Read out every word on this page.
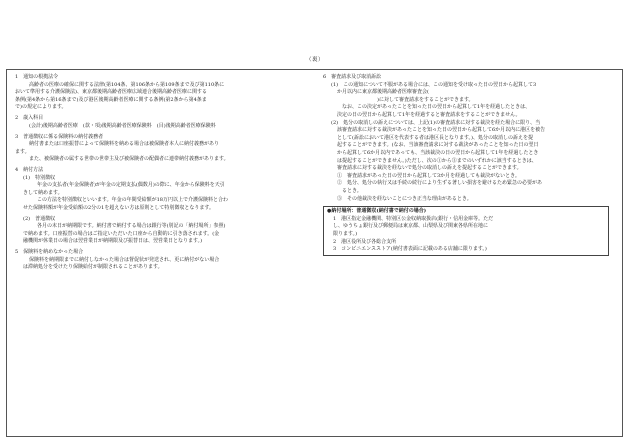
（裏）
1　通知の根拠法令
高齢者の医療の確保に関する法律(第104条、第106条から第109条まで及び第110条に
おいて準用する介護保険法)、東京都後期高齢者医療広域連合後期高齢者医療に関する
条例(第4条から第16条まで)及び港区後期高齢者医療に関する条例(第2条から第4条ま
で)の規定によります。
2　歳入科目
(会計)後期高齢者医療　(款・項)後期高齢者医療保険料　(目)後期高齢者医療保険料
3　普通徴収に係る保険料の納付義務者
納付書または口座振替によって保険料を納める場合は被保険者本人に納付義務があり
ます。
また、被保険者の属する世帯の世帯主及び被保険者の配偶者に連帯納付義務があります。
4　納付方法
(1)　特別徴収
年金の支払者(年金保険者)が年金の定期支払(偶数月)の際に、年金から保険料を天引
きして納めます。
この方法を特別徴収といいます。年金の年間受給額が18万円以上で介護保険料と合わ
せた保険料額が年金受給額の2分の1を超えない方は原則として特別徴収となります。
(2)　普通徴収
各月の末日が納期限です。納付書で納付する場合は銀行等(別記の「納付場所」参照)
で納めます。口座振替の場合はご指定いただいた口座から自動的に引き落されます。(金
融機関が休業日の場合は翌営業日が納期限及び振替日は、翌営業日となります。)
5　保険料を納めなかった場合
保険料を納期限までに納付しなかった場合は督促状が発送され、更に納付がない場合
は滞納処分を受けたり保険給付が制限されることがあります。
6　審査請求及び取消訴訟
(1)　この通知について不服がある場合には、この通知を受け取った日の翌日から起算して3
か月以内に東京都後期高齢者医療審査会(
　　　　　　　　)に対して審査請求をすることができます。
　なお、この決定があったことを知った日の翌日から起算して1年を経過したときは、
決定の日の翌日から起算して1年を経過すると審査請求をすることができません。
(2)　処分の取消しの訴えについては、上記(1)の審査請求に対する裁決を経た場合に限り、当
該審査請求に対する裁決があったことを知った日の翌日から起算して6か月以内に港区を被告
として(訴訟において港区を代表する者は港区長となります。)、処分の取消しの訴えを提
起することができます。(なお、当該審査請求に対する裁決があったことを知った日の翌日
から起算して6か月以内であっても、当該裁決の日の翌日から起算して1年を経過したとき
は提起することができません。)ただし、次の①から③までのいずれかに該当するときは、
審査請求に対する裁決を経ないで処分の取消しの訴えを提起することができます。
①　審査請求があった日の翌日から起算して3か月を経過しても裁決がないとき。
②　処分、処分の執行又は手続の続行により生ずる著しい損害を避けるため緊急の必要があ
　るとき。
③　その他裁決を経ないことにつき正当な理由があるとき。
●納付場所：普通徴収(納付書で納付の場合)
1　港区指定金融機関、特別区公金収納取扱店(銀行・信用金庫等。ただ
し、ゆうちょ銀行及び郵便局は東京都、山梨県及び関東各県所在地に
限ります。)
2　港区役所及び各総合支所
3　コンビニエンスストア(納付書表面に記載のある店舗に限ります。)
